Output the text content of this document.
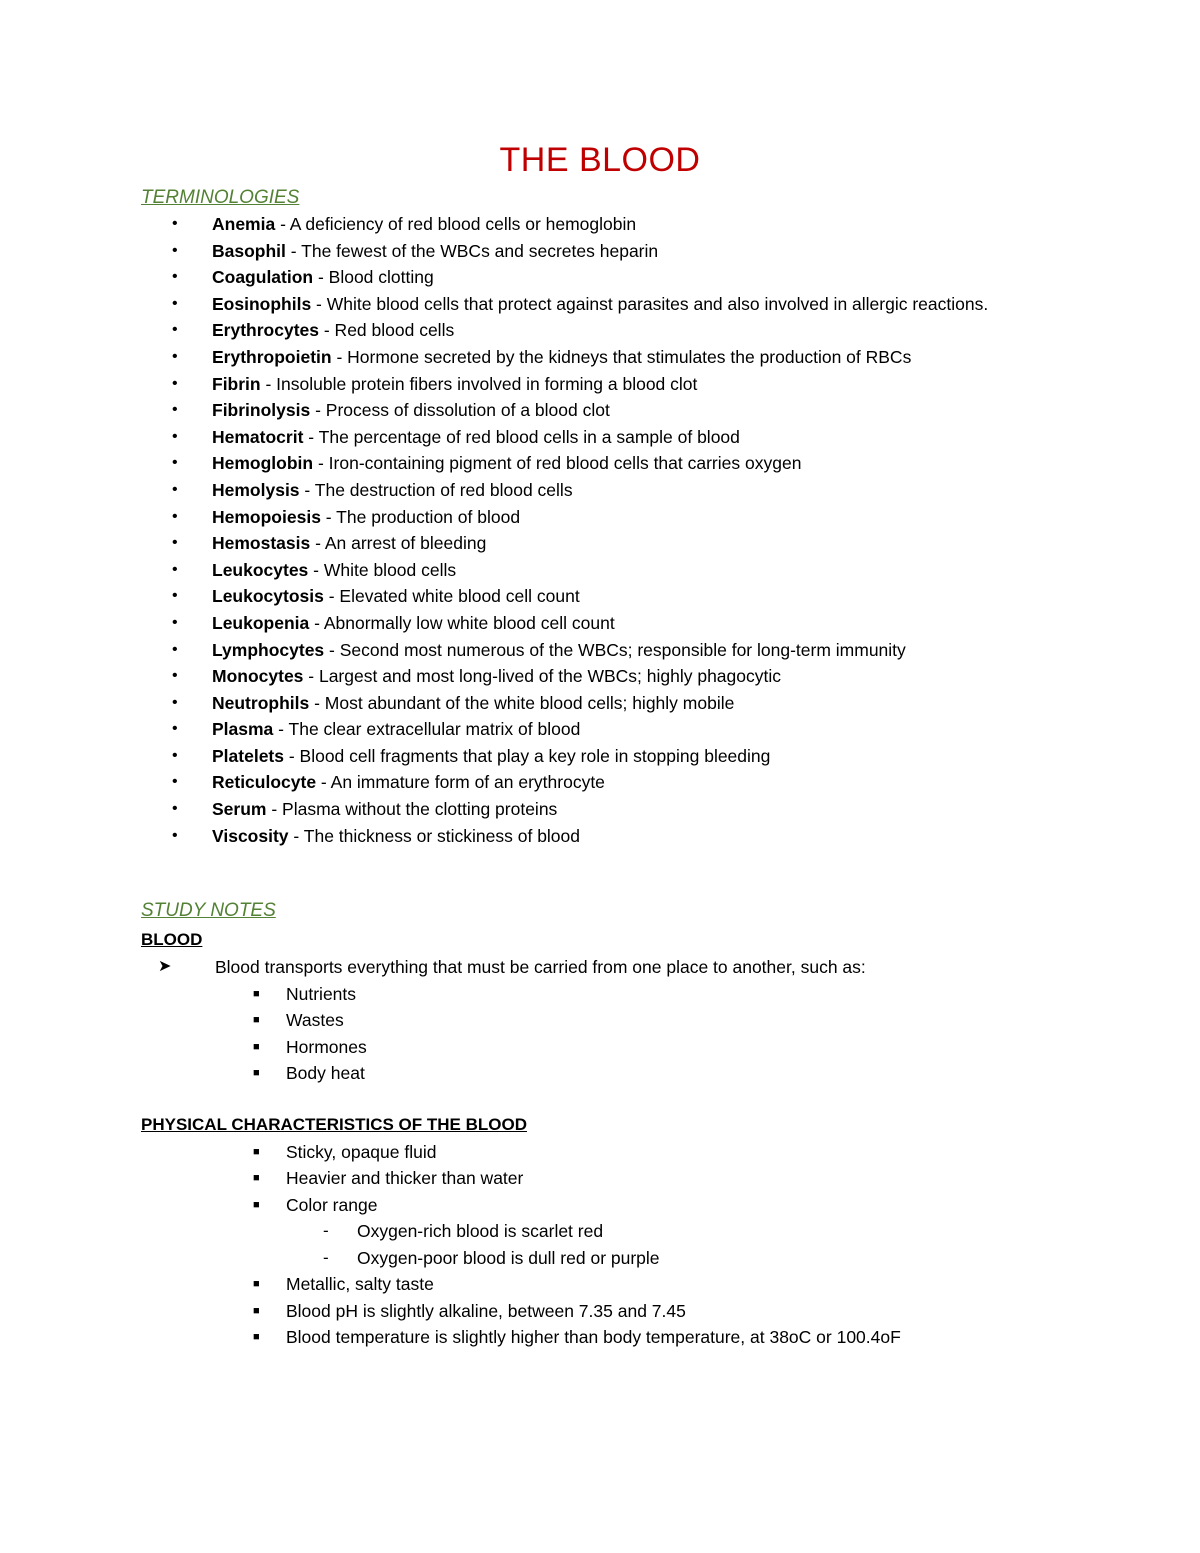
THE BLOOD
TERMINOLOGIES
• Anemia - A deficiency of red blood cells or hemoglobin
• Basophil - The fewest of the WBCs and secretes heparin
• Coagulation - Blood clotting
• Eosinophils - White blood cells that protect against parasites and also involved in allergic reactions.
• Erythrocytes - Red blood cells
• Erythropoietin - Hormone secreted by the kidneys that stimulates the production of RBCs
• Fibrin - Insoluble protein fibers involved in forming a blood clot
• Fibrinolysis - Process of dissolution of a blood clot
• Hematocrit - The percentage of red blood cells in a sample of blood
• Hemoglobin - Iron-containing pigment of red blood cells that carries oxygen
• Hemolysis - The destruction of red blood cells
• Hemopoiesis - The production of blood
• Hemostasis - An arrest of bleeding
• Leukocytes - White blood cells
• Leukocytosis - Elevated white blood cell count
• Leukopenia - Abnormally low white blood cell count
• Lymphocytes - Second most numerous of the WBCs; responsible for long-term immunity
• Monocytes - Largest and most long-lived of the WBCs; highly phagocytic
• Neutrophils - Most abundant of the white blood cells; highly mobile
• Plasma - The clear extracellular matrix of blood
• Platelets - Blood cell fragments that play a key role in stopping bleeding
• Reticulocyte - An immature form of an erythrocyte
• Serum - Plasma without the clotting proteins
• Viscosity - The thickness or stickiness of blood
STUDY NOTES
BLOOD
➤ Blood transports everything that must be carried from one place to another, such as:
■ Nutrients
■ Wastes
■ Hormones
■ Body heat
PHYSICAL CHARACTERISTICS OF THE BLOOD
■ Sticky, opaque fluid
■ Heavier and thicker than water
■ Color range
- Oxygen-rich blood is scarlet red
- Oxygen-poor blood is dull red or purple
■ Metallic, salty taste
■ Blood pH is slightly alkaline, between 7.35 and 7.45
■ Blood temperature is slightly higher than body temperature, at 38oC or 100.4oF
